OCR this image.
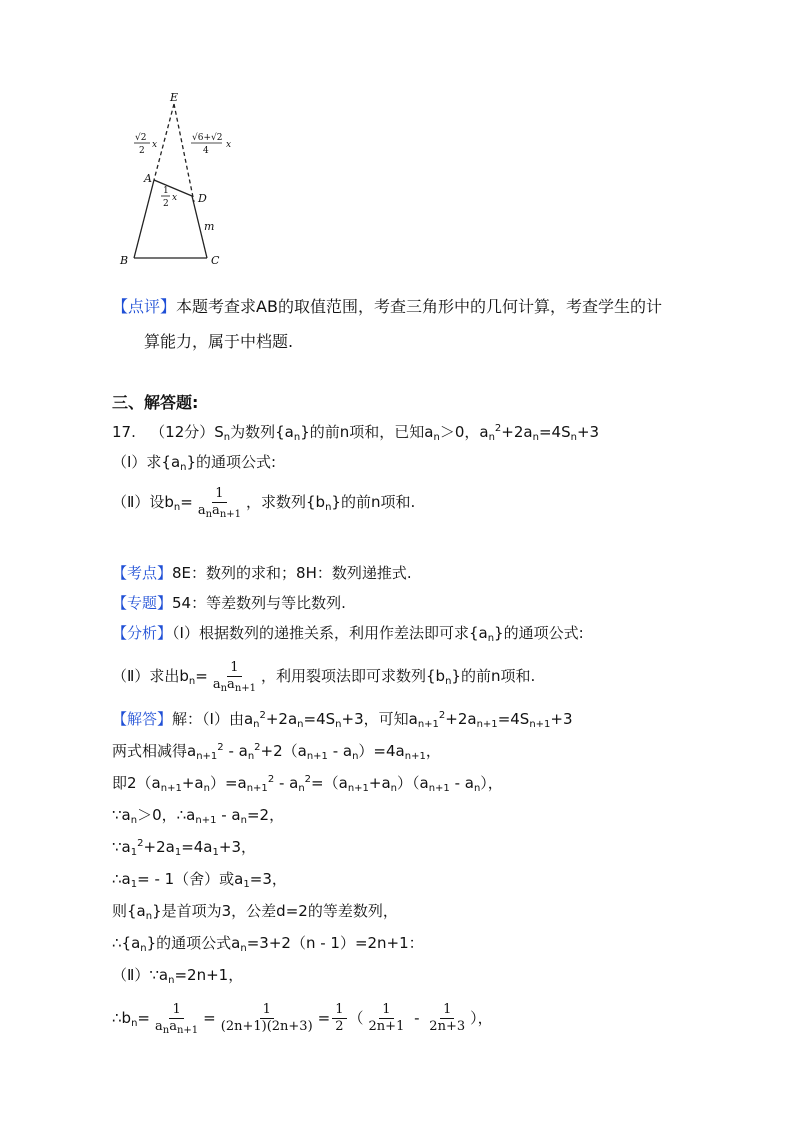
E
A
D
B	C
m
√2
2
x
√6+√2
4
x
1
2
x
【点评】本题考查求AB的取值范围，考查三角形中的几何计算，考查学生的计
算能力，属于中档题.
三、解答题:
17. （12分）$S_n$为数列$\{a_n\}$的前n项和，已知$a_n>0$，$a_n^2+2a_n=4S_n+3$
（I）求$\{a_n\}$的通项公式:
（Ⅱ）设$b_n= \frac{1}{a_na_{n+1}}$ ，求数列$\{b_n\}$的前n项和.
【考点】8E：数列的求和；8H：数列递推式.
【专题】54：等差数列与等比数列.
【分析】（I）根据数列的递推关系，利用作差法即可求$\{a_n\}$的通项公式:
（Ⅱ）求出$b_n= \frac{1}{a_na_{n+1}}$ ，利用裂项法即可求数列$\{b_n\}$的前n项和.
【解答】解：（I）由$a_n^2+2a_n=4S_n+3$，可知$a_{n+1}^2+2a_{n+1}=4S_{n+1}+3$
两式相减得$a_{n+1}^2 - a_n^2+2(a_{n+1} - a_n)=4a_{n+1}$，
即$2(a_{n+1}+a_n)=a_{n+1}^2 - a_n^2=(a_{n+1}+a_n)(a_{n+1} - a_n)$，
$\because a_n>0$，$\therefore a_{n+1} - a_n=2$，
$\because a_1^2+2a_1=4a_1+3$，
$\therefore a_1= - 1$（舍）或$a_1=3$，
则$\{a_n\}$是首项为3，公差d=2的等差数列，
$\therefore\{a_n\}$的通项公式$a_n=3+2(n - 1)=2n+1$：
$(Ⅱ)\because a_n=2n+1$，
$\therefore b_n= \frac{1}{a_na_{n+1}} = \frac{1}{(2n+1)(2n+3)} = \frac{1}{2}$ （ $\frac{1}{2n+1} - \frac{1}{2n+3}$ ），
